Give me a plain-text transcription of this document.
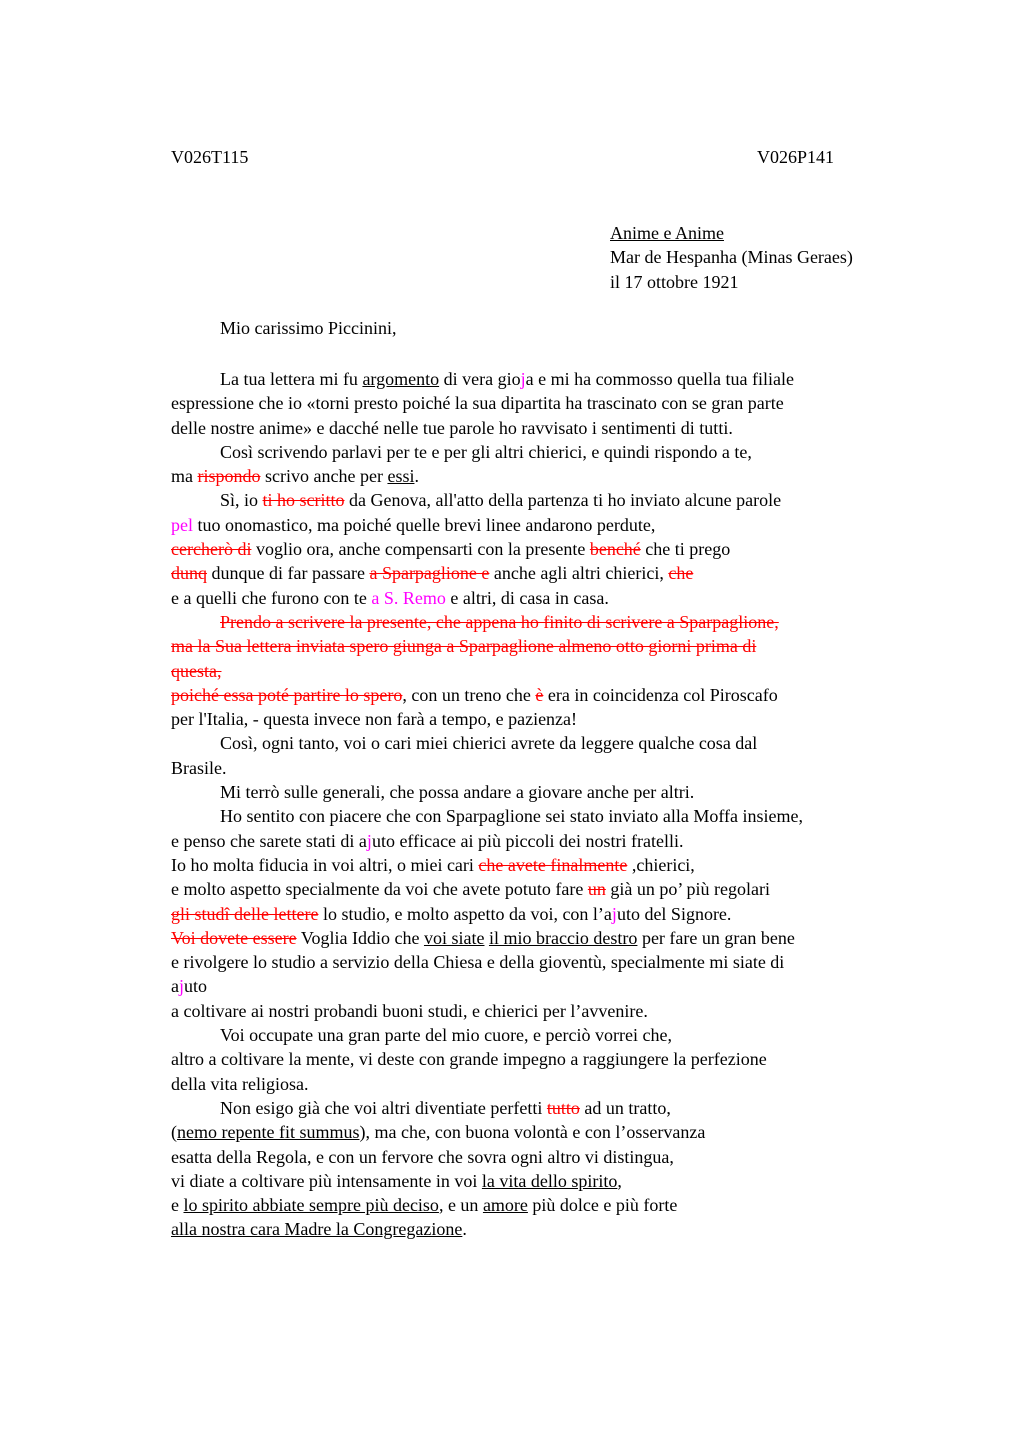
V026T115	V026P141
Anime e Anime
Mar de Hespanha (Minas Geraes)
il 17 ottobre 1921
Mio carissimo Piccinini,
La tua lettera mi fu argomento di vera gioja e mi ha commosso quella tua filiale
espressione che io «torni presto poiché la sua dipartita ha trascinato con se gran parte
delle nostre anime» e dacché nelle tue parole ho ravvisato i sentimenti di tutti.
Così scrivendo parlavi per te e per gli altri chierici, e quindi rispondo a te,
ma rispondo scrivo anche per essi.
Sì, io ti ho scritto da Genova, all'atto della partenza ti ho inviato alcune parole
pel tuo onomastico, ma poiché quelle brevi linee andarono perdute,
cercherò di voglio ora, anche compensarti con la presente benché che ti prego
dunq dunque di far passare a Sparpaglione e anche agli altri chierici, che
e a quelli che furono con te a S. Remo e altri, di casa in casa.
Prendo a scrivere la presente, che appena ho finito di scrivere a Sparpaglione,
ma la Sua lettera inviata spero giunga a Sparpaglione almeno otto giorni prima di
questa,
poiché essa poté partire lo spero, con un treno che è era in coincidenza col Piroscafo
per l'Italia, - questa invece non farà a tempo, e pazienza!
Così, ogni tanto, voi o cari miei chierici avrete da leggere qualche cosa dal
Brasile.
Mi terrò sulle generali, che possa andare a giovare anche per altri.
Ho sentito con piacere che con Sparpaglione sei stato inviato alla Moffa insieme,
e penso che sarete stati di ajuto efficace ai più piccoli dei nostri fratelli.
Io ho molta fiducia in voi altri, o miei cari che avete finalmente ,chierici,
e molto aspetto specialmente da voi che avete potuto fare un già un po’ più regolari
gli studî delle lettere lo studio, e molto aspetto da voi, con l’ajuto del Signore.
Voi dovete essere Voglia Iddio che voi siate il mio braccio destro per fare un gran bene
e rivolgere lo studio a servizio della Chiesa e della gioventù, specialmente mi siate di
ajuto
a coltivare ai nostri probandi buoni studi, e chierici per l’avvenire.
Voi occupate una gran parte del mio cuore, e perciò vorrei che,
altro a coltivare la mente, vi deste con grande impegno a raggiungere la perfezione
della vita religiosa.
Non esigo già che voi altri diventiate perfetti tutto ad un tratto,
(nemo repente fit summus), ma che, con buona volontà e con l’osservanza
esatta della Regola, e con un fervore che sovra ogni altro vi distingua,
vi diate a coltivare più intensamente in voi la vita dello spirito,
e lo spirito abbiate sempre più deciso, e un amore più dolce e più forte
alla nostra cara Madre la Congregazione.
